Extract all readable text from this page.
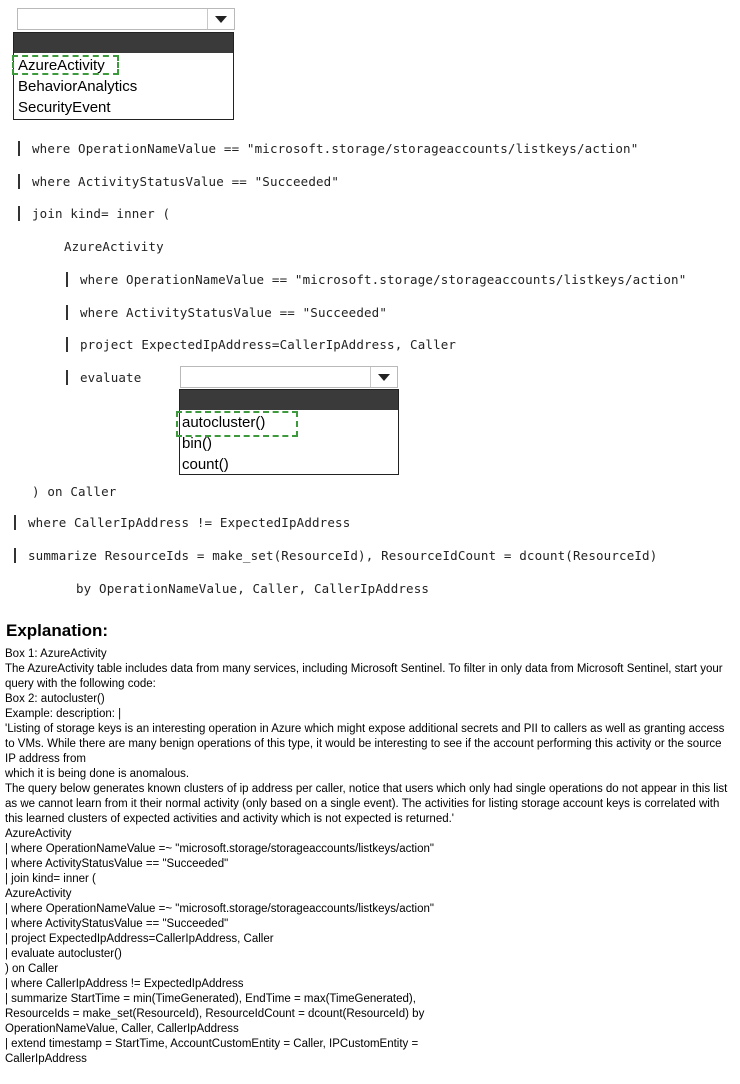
AzureActivity
BehaviorAnalytics
SecurityEvent
where OperationNameValue == "microsoft.storage/storageaccounts/listkeys/action"
where ActivityStatusValue == "Succeeded"
join kind= inner (
AzureActivity
where OperationNameValue == "microsoft.storage/storageaccounts/listkeys/action"
where ActivityStatusValue == "Succeeded"
project ExpectedIpAddress=CallerIpAddress, Caller
evaluate
autocluster()
bin()
count()
) on Caller
where CallerIpAddress != ExpectedIpAddress
summarize ResourceIds = make_set(ResourceId), ResourceIdCount = dcount(ResourceId)
by OperationNameValue, Caller, CallerIpAddress
Explanation:
Box 1: AzureActivity
The AzureActivity table includes data from many services, including Microsoft Sentinel. To filter in only data from Microsoft Sentinel, start your query with the following code:
Box 2: autocluster()
Example: description: |
'Listing of storage keys is an interesting operation in Azure which might expose additional secrets and PII to callers as well as granting access to VMs. While there are many benign operations of this type, it would be interesting to see if the account performing this activity or the source IP address from
which it is being done is anomalous.
The query below generates known clusters of ip address per caller, notice that users which only had single operations do not appear in this list as we cannot learn from it their normal activity (only based on a single event). The activities for listing storage account keys is correlated with this learned clusters of expected activities and activity which is not expected is returned.'
AzureActivity
| where OperationNameValue =~ "microsoft.storage/storageaccounts/listkeys/action"
| where ActivityStatusValue == "Succeeded"
| join kind= inner (
AzureActivity
| where OperationNameValue =~ "microsoft.storage/storageaccounts/listkeys/action"
| where ActivityStatusValue == "Succeeded"
| project ExpectedIpAddress=CallerIpAddress, Caller
| evaluate autocluster()
) on Caller
| where CallerIpAddress != ExpectedIpAddress
| summarize StartTime = min(TimeGenerated), EndTime = max(TimeGenerated),
ResourceIds = make_set(ResourceId), ResourceIdCount = dcount(ResourceId) by
OperationNameValue, Caller, CallerIpAddress
| extend timestamp = StartTime, AccountCustomEntity = Caller, IPCustomEntity =
CallerIpAddress
